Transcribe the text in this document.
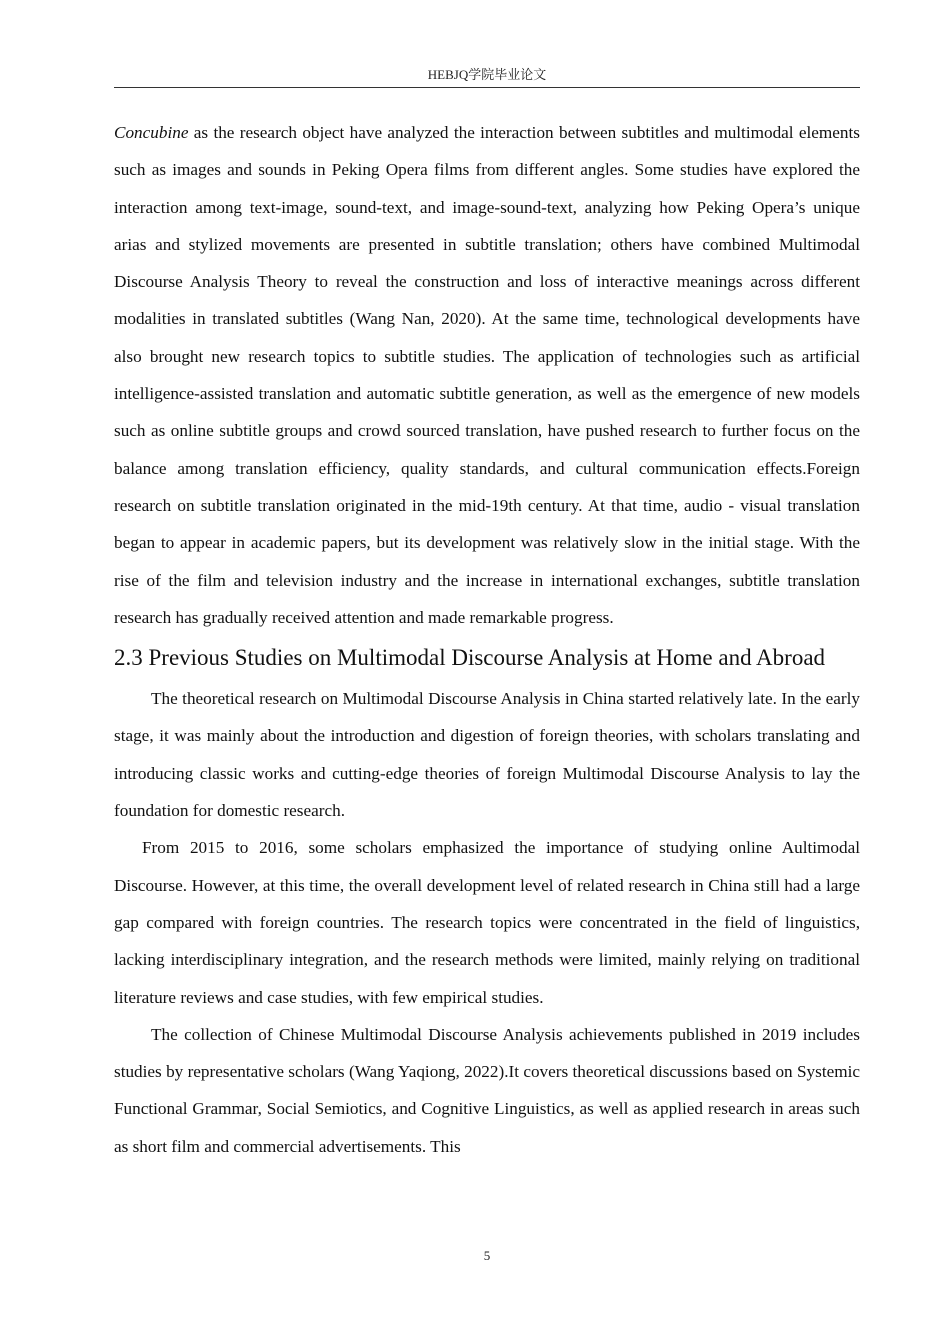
HEBJQ学院毕业论文

Concubine as the research object have analyzed the interaction between subtitles and multimodal elements such as images and sounds in Peking Opera films from different angles. Some studies have explored the interaction among text-image, sound-text, and image-sound-text, analyzing how Peking Opera’s unique arias and stylized movements are presented in subtitle translation; others have combined Multimodal Discourse Analysis Theory to reveal the construction and loss of interactive meanings across different modalities in translated subtitles (Wang Nan, 2020). At the same time, technological developments have also brought new research topics to subtitle studies. The application of technologies such as artificial intelligence-assisted translation and automatic subtitle generation, as well as the emergence of new models such as online subtitle groups and crowd sourced translation, have pushed research to further focus on the balance among translation efficiency, quality standards, and cultural communication effects.Foreign research on subtitle translation originated in the mid-19th century. At that time, audio - visual translation began to appear in academic papers, but its development was relatively slow in the initial stage. With the rise of the film and television industry and the increase in international exchanges, subtitle translation research has gradually received attention and made remarkable progress.

2.3 Previous Studies on Multimodal Discourse Analysis at Home and Abroad

The theoretical research on Multimodal Discourse Analysis in China started relatively late. In the early stage, it was mainly about the introduction and digestion of foreign theories, with scholars translating and introducing classic works and cutting-edge theories of foreign Multimodal Discourse Analysis to lay the foundation for domestic research.

From 2015 to 2016, some scholars emphasized the importance of studying online Aultimodal Discourse. However, at this time, the overall development level of related research in China still had a large gap compared with foreign countries. The research topics were concentrated in the field of linguistics, lacking interdisciplinary integration, and the research methods were limited, mainly relying on traditional literature reviews and case studies, with few empirical studies.

The collection of Chinese Multimodal Discourse Analysis achievements published in 2019 includes studies by representative scholars (Wang Yaqiong, 2022).It covers theoretical discussions based on Systemic Functional Grammar, Social Semiotics, and Cognitive Linguistics, as well as applied research in areas such as short film and commercial advertisements. This

5
